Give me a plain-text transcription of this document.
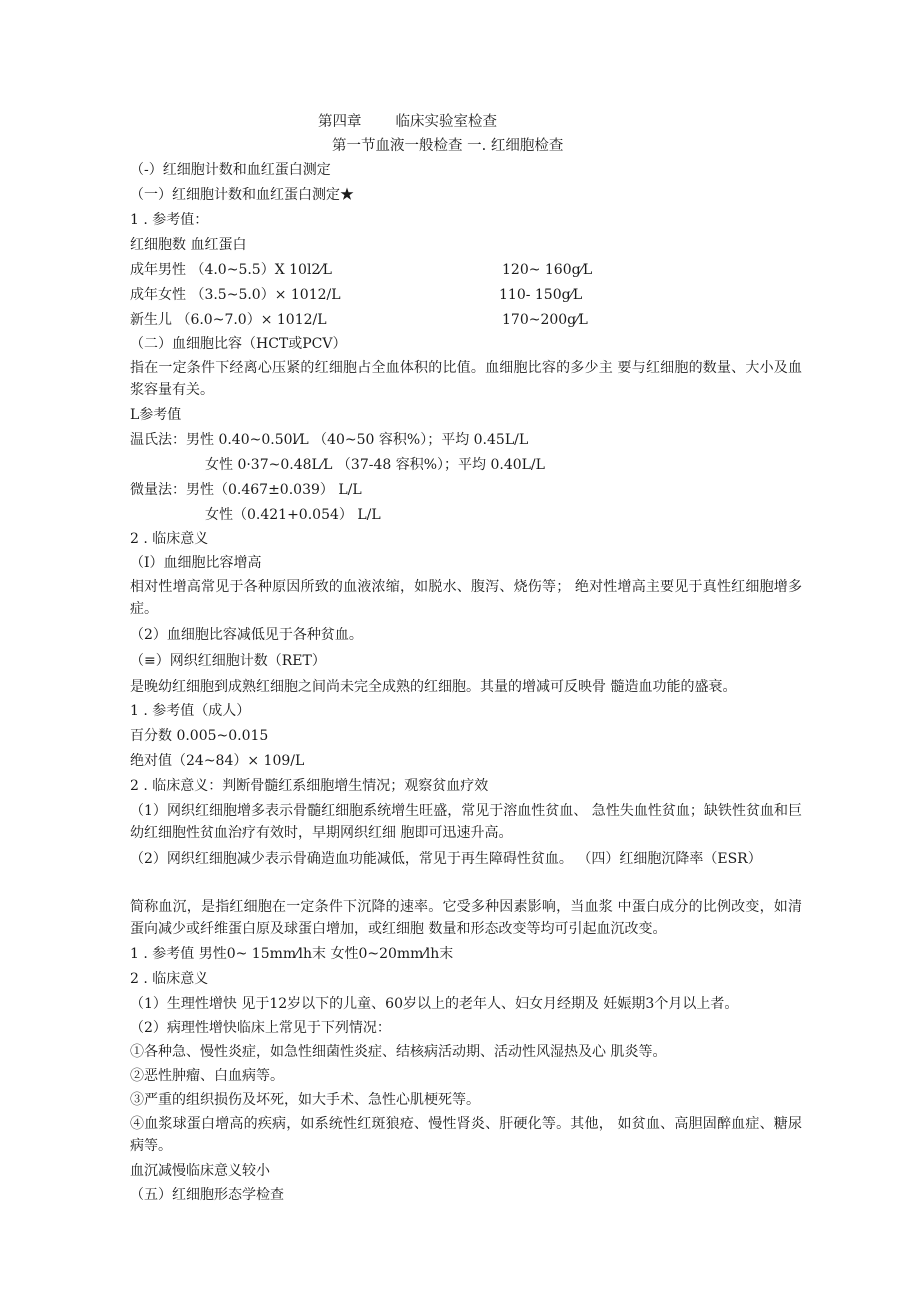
第四章 临床实验室检查
第一节血液一般检查 一. 红细胞检查
（-）红细胞计数和血红蛋白测定
（一）红细胞计数和血红蛋白测定★
1 . 参考值：
红细胞数 血红蛋白
成年男性 （4.0~5.5）X 10l2⁄L	120~ 160g⁄L
成年女性 （3.5~5.0）× 1012/L	110- 150g⁄L
新生儿 （6.0~7.0）× 1012/L	170~200g⁄L
（二）血细胞比容（HCT或PCV）
指在一定条件下经离心压紧的红细胞占全血体积的比值。血细胞比容的多少主 要与红细胞的数量、大小及血浆容量有关。
L参考值
温氏法：男性 0.40~0.50l⁄L （40~50 容积%）；平均 0.45L/L
女性 0·37~0.48L⁄L （37-48 容积%）；平均 0.40L/L
微量法：男性（0.467±0.039） L/L
女性（0.421+0.054） L/L
2 . 临床意义
（I）血细胞比容增高
相对性增高常见于各种原因所致的血液浓缩，如脱水、腹泻、烧伤等； 绝对性增高主要见于真性红细胞增多症。
（2）血细胞比容减低见于各种贫血。
（≡）网织红细胞计数（RET）
是晚幼红细胞到成熟红细胞之间尚未完全成熟的红细胞。其量的增减可反映骨 髓造血功能的盛衰。
1 . 参考值（成人）
百分数 0.005~0.015
绝对值（24~84）× 109/L
2 . 临床意义：判断骨髓红系细胞增生情况；观察贫血疗效
（1）网织红细胞增多表示骨髓红细胞系统增生旺盛，常见于溶血性贫血、 急性失血性贫血；缺铁性贫血和巨幼红细胞性贫血治疗有效时，早期网织红细 胞即可迅速升高。
（2）网织红细胞减少表示骨确造血功能减低，常见于再生障碍性贫血。 （四）红细胞沉降率（ESR）
简称血沉，是指红细胞在一定条件下沉降的速率。它受多种因素影响，当血浆 中蛋白成分的比例改变，如清蛋向减少或纤维蛋白原及球蛋白增加，或红细胞 数量和形态改变等均可引起血沉改变。
1 . 参考值 男性0~ 15mm⁄lh末 女性0~20mm⁄lh末
2 . 临床意义
（1）生理性增快 见于12岁以下的儿童、60岁以上的老年人、妇女月经期及 妊娠期3个月以上者。
（2）病理性增快临床上常见于下列情况：
①各种急、慢性炎症，如急性细菌性炎症、结核病活动期、活动性风湿热及心 肌炎等。
②恶性肿瘤、白血病等。
③严重的组织损伤及坏死，如大手术、急性心肌梗死等。
④血浆球蛋白增高的疾病，如系统性红斑狼疮、慢性肾炎、肝硬化等。其他， 如贫血、高胆固醉血症、糖尿病等。
血沉减慢临床意义较小
（五）红细胞形态学检查
